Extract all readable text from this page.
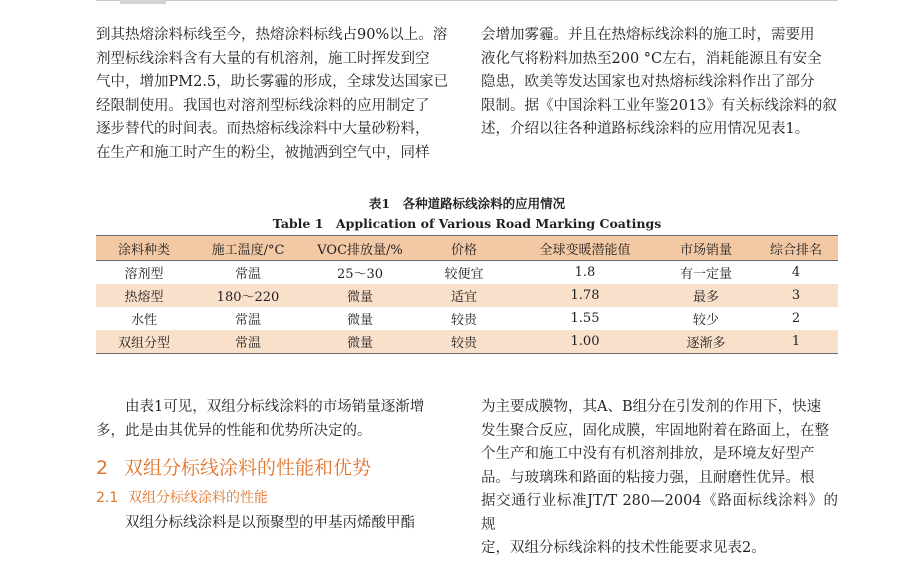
到其热熔涂料标线至今，热熔涂料标线占90%以上。溶

剂型标线涂料含有大量的有机溶剂，施工时挥发到空

气中，增加PM2.5，助长雾霾的形成，全球发达国家已

经限制使用。我国也对溶剂型标线涂料的应用制定了

逐步替代的时间表。而热熔标线涂料中大量砂粉料，

在生产和施工时产生的粉尘，被抛洒到空气中，同样

会增加雾霾。并且在热熔标线涂料的施工时，需要用

液化气将粉料加热至200 °C左右，消耗能源且有安全

隐患，欧美等发达国家也对热熔标线涂料作出了部分

限制。据《中国涂料工业年鉴2013》有关标线涂料的叙

述，介绍以往各种道路标线涂料的应用情况见表1。

表1　各种道路标线涂料的应用情况
Table 1　Application of Various Road Marking Coatings
涂料种类	施工温度/°C	VOC排放量/%	价格	全球变暖潜能值	市场销量	综合排名
溶剂型	常温	25～30	较便宜	1.8	有一定量	4
热熔型	180～220	微量	适宜	1.78	最多	3
水性	常温	微量	较贵	1.55	较少	2
双组分型	常温	微量	较贵	1.00	逐渐多	1

由表1可见，双组分标线涂料的市场销量逐渐增

多，此是由其优异的性能和优势所决定的。

2 双组分标线涂料的性能和优势
2.1 双组分标线涂料的性能

双组分标线涂料是以预聚型的甲基丙烯酸甲酯

为主要成膜物，其A、B组分在引发剂的作用下，快速

发生聚合反应，固化成膜，牢固地附着在路面上，在整

个生产和施工中没有有机溶剂排放，是环境友好型产

品。与玻璃珠和路面的粘接力强，且耐磨性优异。根

据交通行业标准JT/T 280—2004《路面标线涂料》的规

定，双组分标线涂料的技术性能要求见表2。
